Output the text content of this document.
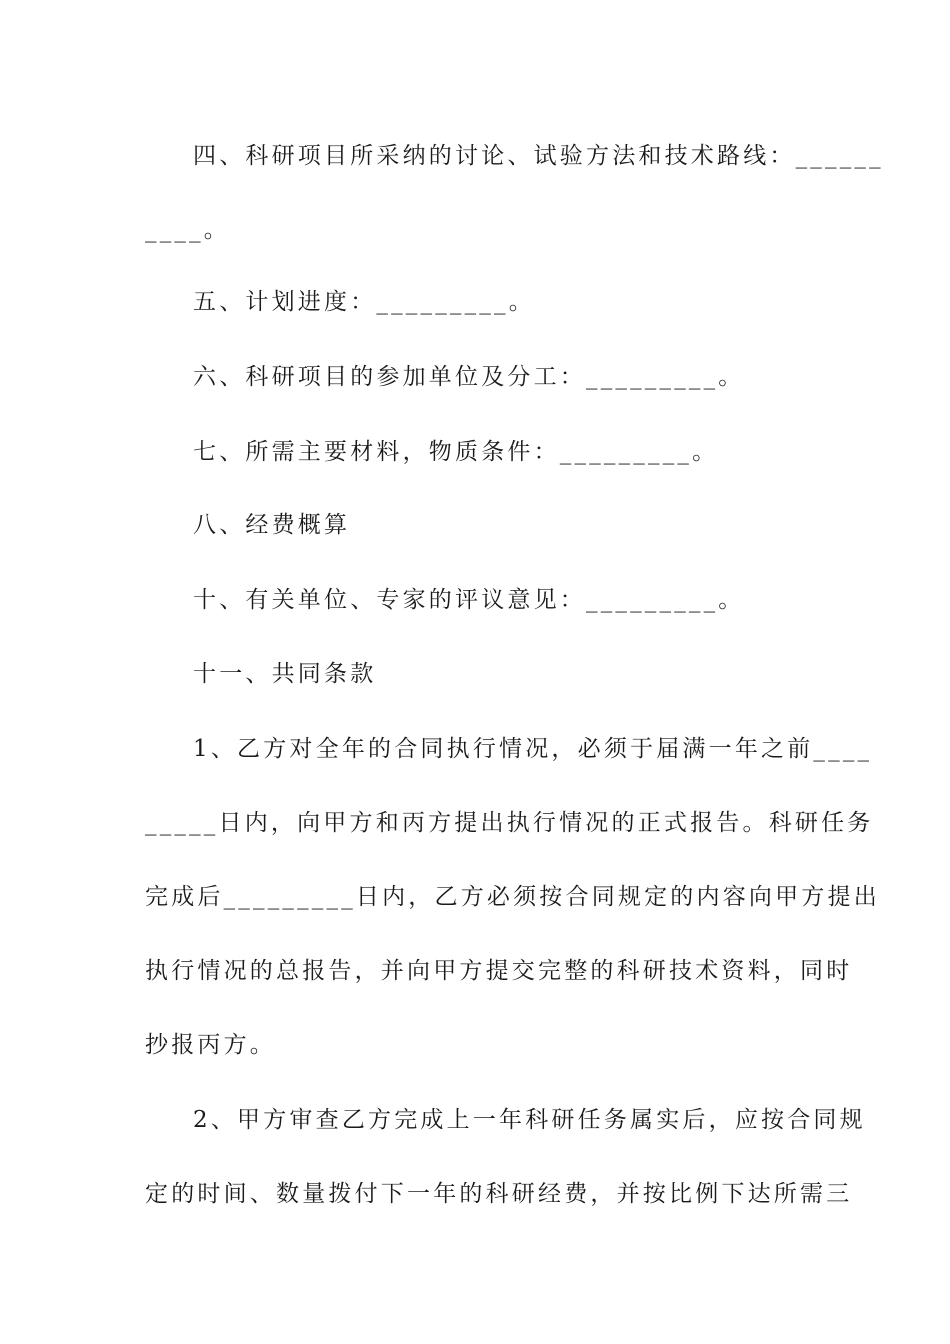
四、科研项目所采纳的讨论、试验方法和技术路线：______
____。
五、计划进度：_________。
六、科研项目的参加单位及分工：_________。
七、所需主要材料，物质条件：_________。
八、经费概算
十、有关单位、专家的评议意见：_________。
十一、共同条款
1、乙方对全年的合同执行情况，必须于届满一年之前____
_____日内，向甲方和丙方提出执行情况的正式报告。科研任务
完成后_________日内，乙方必须按合同规定的内容向甲方提出
执行情况的总报告，并向甲方提交完整的科研技术资料，同时
抄报丙方。
2、甲方审查乙方完成上一年科研任务属实后，应按合同规
定的时间、数量拨付下一年的科研经费，并按比例下达所需三
